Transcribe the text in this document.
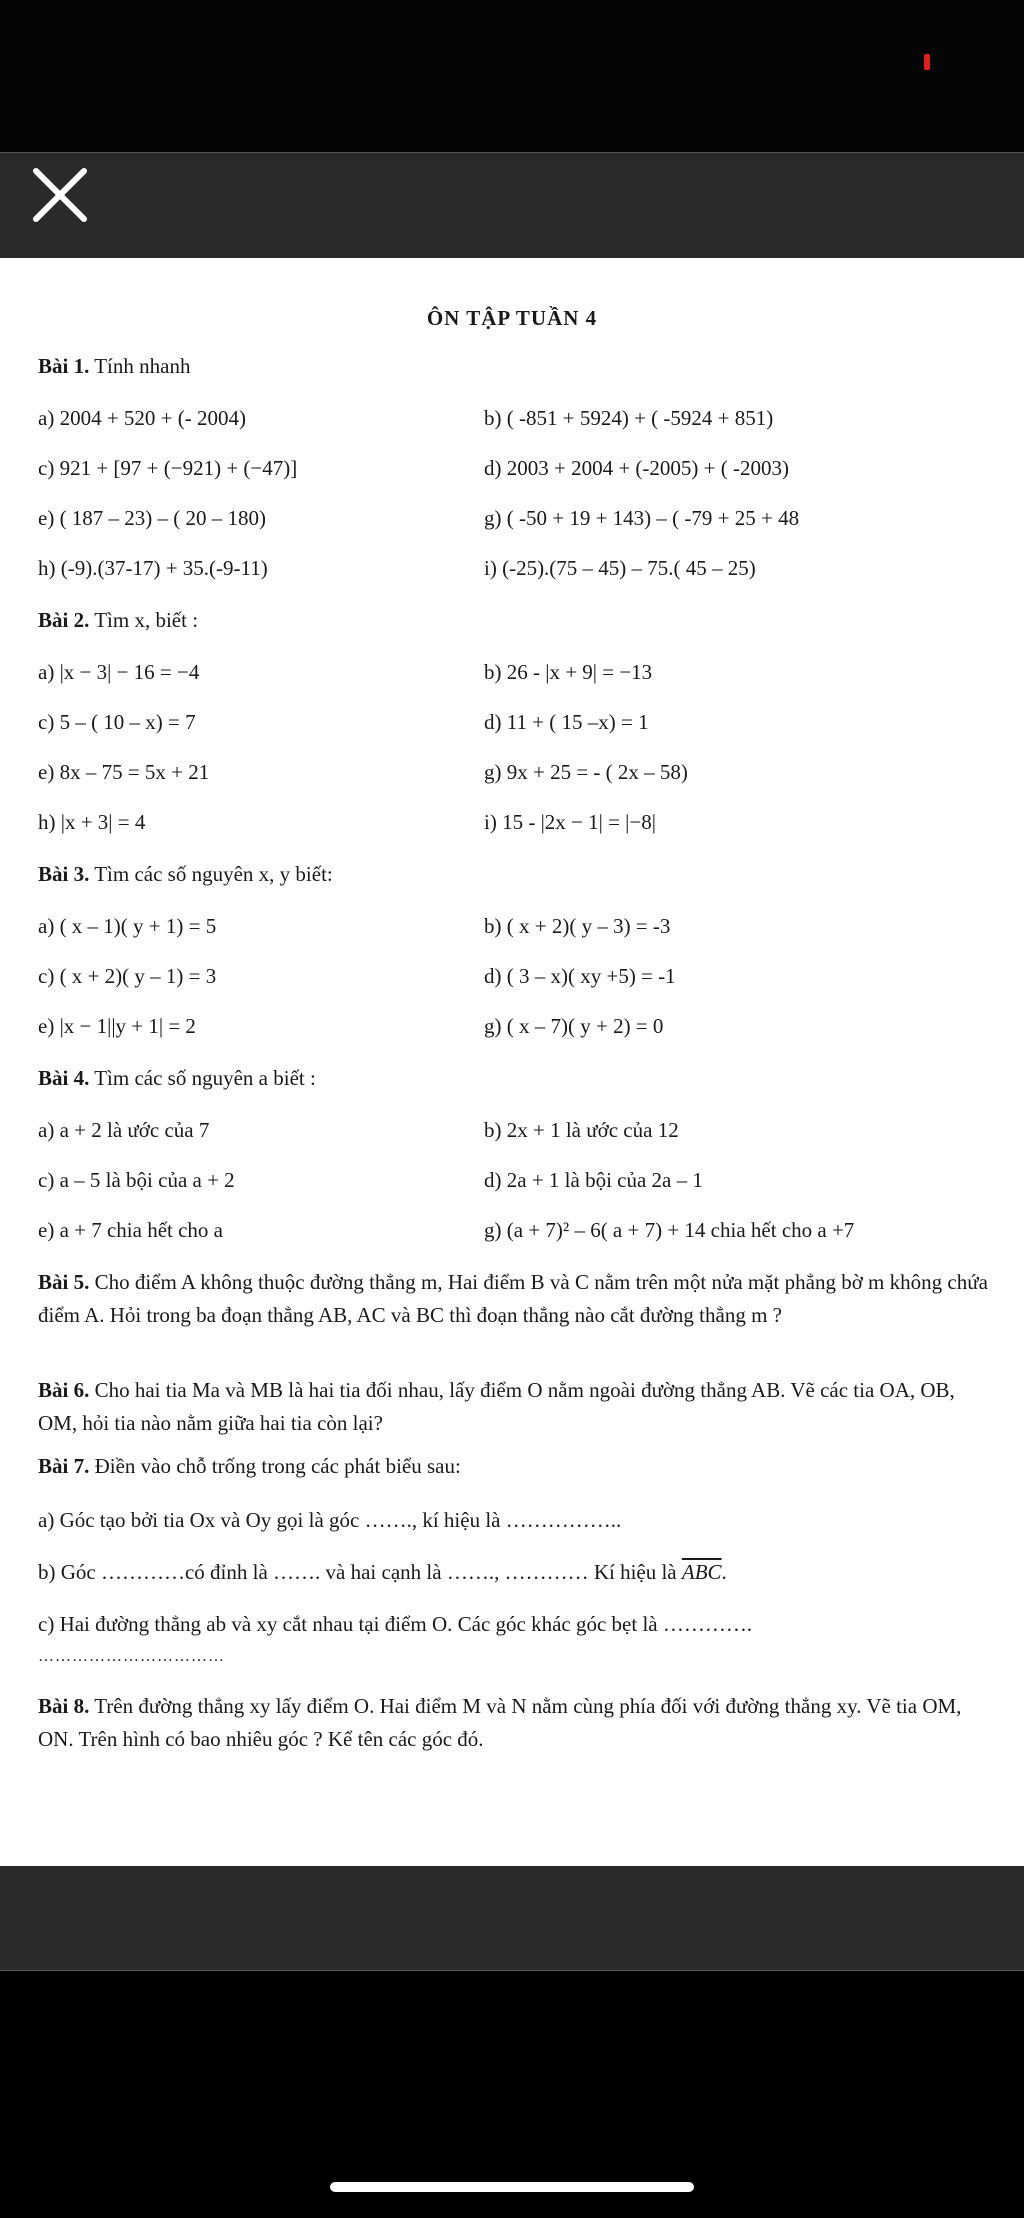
ÔN TẬP TUẦN 4
Bài 1. Tính nhanh
a) 2004 + 520 + (- 2004)	b) ( -851 + 5924) + ( -5924 + 851)
c) 921 + [97 + (−921) + (−47)]	d) 2003 + 2004 + (-2005) + ( -2003)
e) ( 187 – 23) – ( 20 – 180)	g) ( -50 + 19 + 143) – ( -79 + 25 + 48
h) (-9).(37-17) + 35.(-9-11)	i) (-25).(75 – 45) – 75.( 45 – 25)
Bài 2. Tìm x, biết :
a) |x − 3| − 16 = −4	b) 26 - |x + 9| = −13
c) 5 – ( 10 – x) = 7	d) 11 + ( 15 –x) = 1
e) 8x – 75 = 5x + 21	g) 9x + 25 = - ( 2x – 58)
h) |x + 3| = 4	i) 15 - |2x − 1| = |−8|
Bài 3. Tìm các số nguyên x, y biết:
a) ( x – 1)( y + 1) = 5	b) ( x + 2)( y – 3) = -3
c) ( x + 2)( y – 1) = 3	d) ( 3 – x)( xy +5) = -1
e) |x − 1||y + 1| = 2	g) ( x – 7)( y + 2) = 0
Bài 4. Tìm các số nguyên a biết :
a) a + 2 là ước của 7	b) 2x + 1 là ước của 12
c) a – 5 là bội của a + 2	d) 2a + 1 là bội của 2a – 1
e) a + 7 chia hết cho a	g) (a + 7)² – 6( a + 7) + 14 chia hết cho a +7
Bài 5. Cho điểm A không thuộc đường thẳng m, Hai điểm B và C nằm trên một nửa mặt phẳng bờ m không chứa điểm A. Hỏi trong ba đoạn thẳng AB, AC và BC thì đoạn thẳng nào cắt đường thẳng m ?
Bài 6. Cho hai tia Ma và MB là hai tia đối nhau, lấy điểm O nằm ngoài đường thẳng AB. Vẽ các tia OA, OB, OM, hỏi tia nào nằm giữa hai tia còn lại?
Bài 7. Điền vào chỗ trống trong các phát biểu sau:
a) Góc tạo bởi tia Ox và Oy gọi là góc ……., kí hiệu là ……………..
b) Góc …………có đỉnh là ……. và hai cạnh là ……., ………… Kí hiệu là $\overline{ABC}$.
c) Hai đường thẳng ab và xy cắt nhau tại điểm O. Các góc khác góc bẹt là ………….
……………………………
Bài 8. Trên đường thẳng xy lấy điểm O. Hai điểm M và N nằm cùng phía đối với đường thẳng xy. Vẽ tia OM, ON. Trên hình có bao nhiêu góc ? Kể tên các góc đó.
